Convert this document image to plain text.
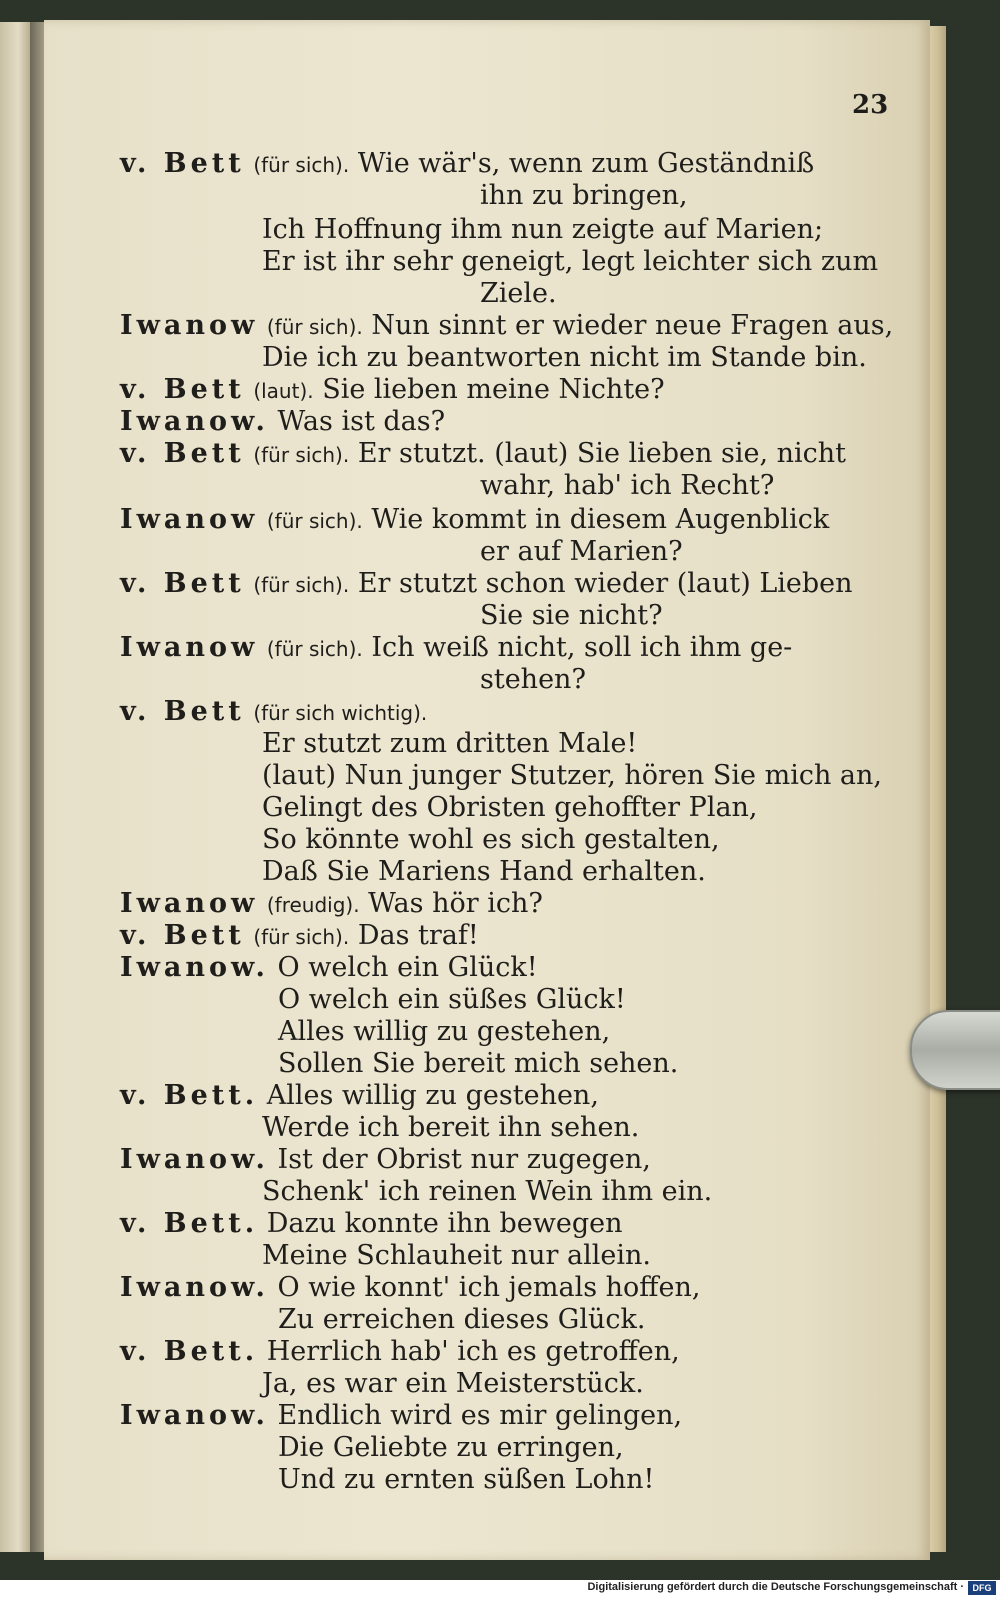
23
v. Bett (für sich). Wie wär's, wenn zum Geständniß
ihn zu bringen,
Ich Hoffnung ihm nun zeigte auf Marien;
Er ist ihr sehr geneigt, legt leichter sich zum
Ziele.
Iwanow (für sich). Nun sinnt er wieder neue Fragen aus,
Die ich zu beantworten nicht im Stande bin.
v. Bett (laut). Sie lieben meine Nichte?
Iwanow. Was ist das?
v. Bett (für sich). Er stutzt. (laut) Sie lieben sie, nicht
wahr, hab' ich Recht?
Iwanow (für sich). Wie kommt in diesem Augenblick
er auf Marien?
v. Bett (für sich). Er stutzt schon wieder (laut) Lieben
Sie sie nicht?
Iwanow (für sich). Ich weiß nicht, soll ich ihm ge-
stehen?
v. Bett (für sich wichtig).
Er stutzt zum dritten Male!
(laut) Nun junger Stutzer, hören Sie mich an,
Gelingt des Obristen gehoffter Plan,
So könnte wohl es sich gestalten,
Daß Sie Mariens Hand erhalten.
Iwanow (freudig). Was hör ich?
v. Bett (für sich). Das traf!
Iwanow. O welch ein Glück!
O welch ein süßes Glück!
Alles willig zu gestehen,
Sollen Sie bereit mich sehen.
v. Bett. Alles willig zu gestehen,
Werde ich bereit ihn sehen.
Iwanow. Ist der Obrist nur zugegen,
Schenk' ich reinen Wein ihm ein.
v. Bett. Dazu konnte ihn bewegen
Meine Schlauheit nur allein.
Iwanow. O wie konnt' ich jemals hoffen,
Zu erreichen dieses Glück.
v. Bett. Herrlich hab' ich es getroffen,
Ja, es war ein Meisterstück.
Iwanow. Endlich wird es mir gelingen,
Die Geliebte zu erringen,
Und zu ernten süßen Lohn!
Digitalisierung gefördert durch die Deutsche Forschungsgemeinschaft · DFG
